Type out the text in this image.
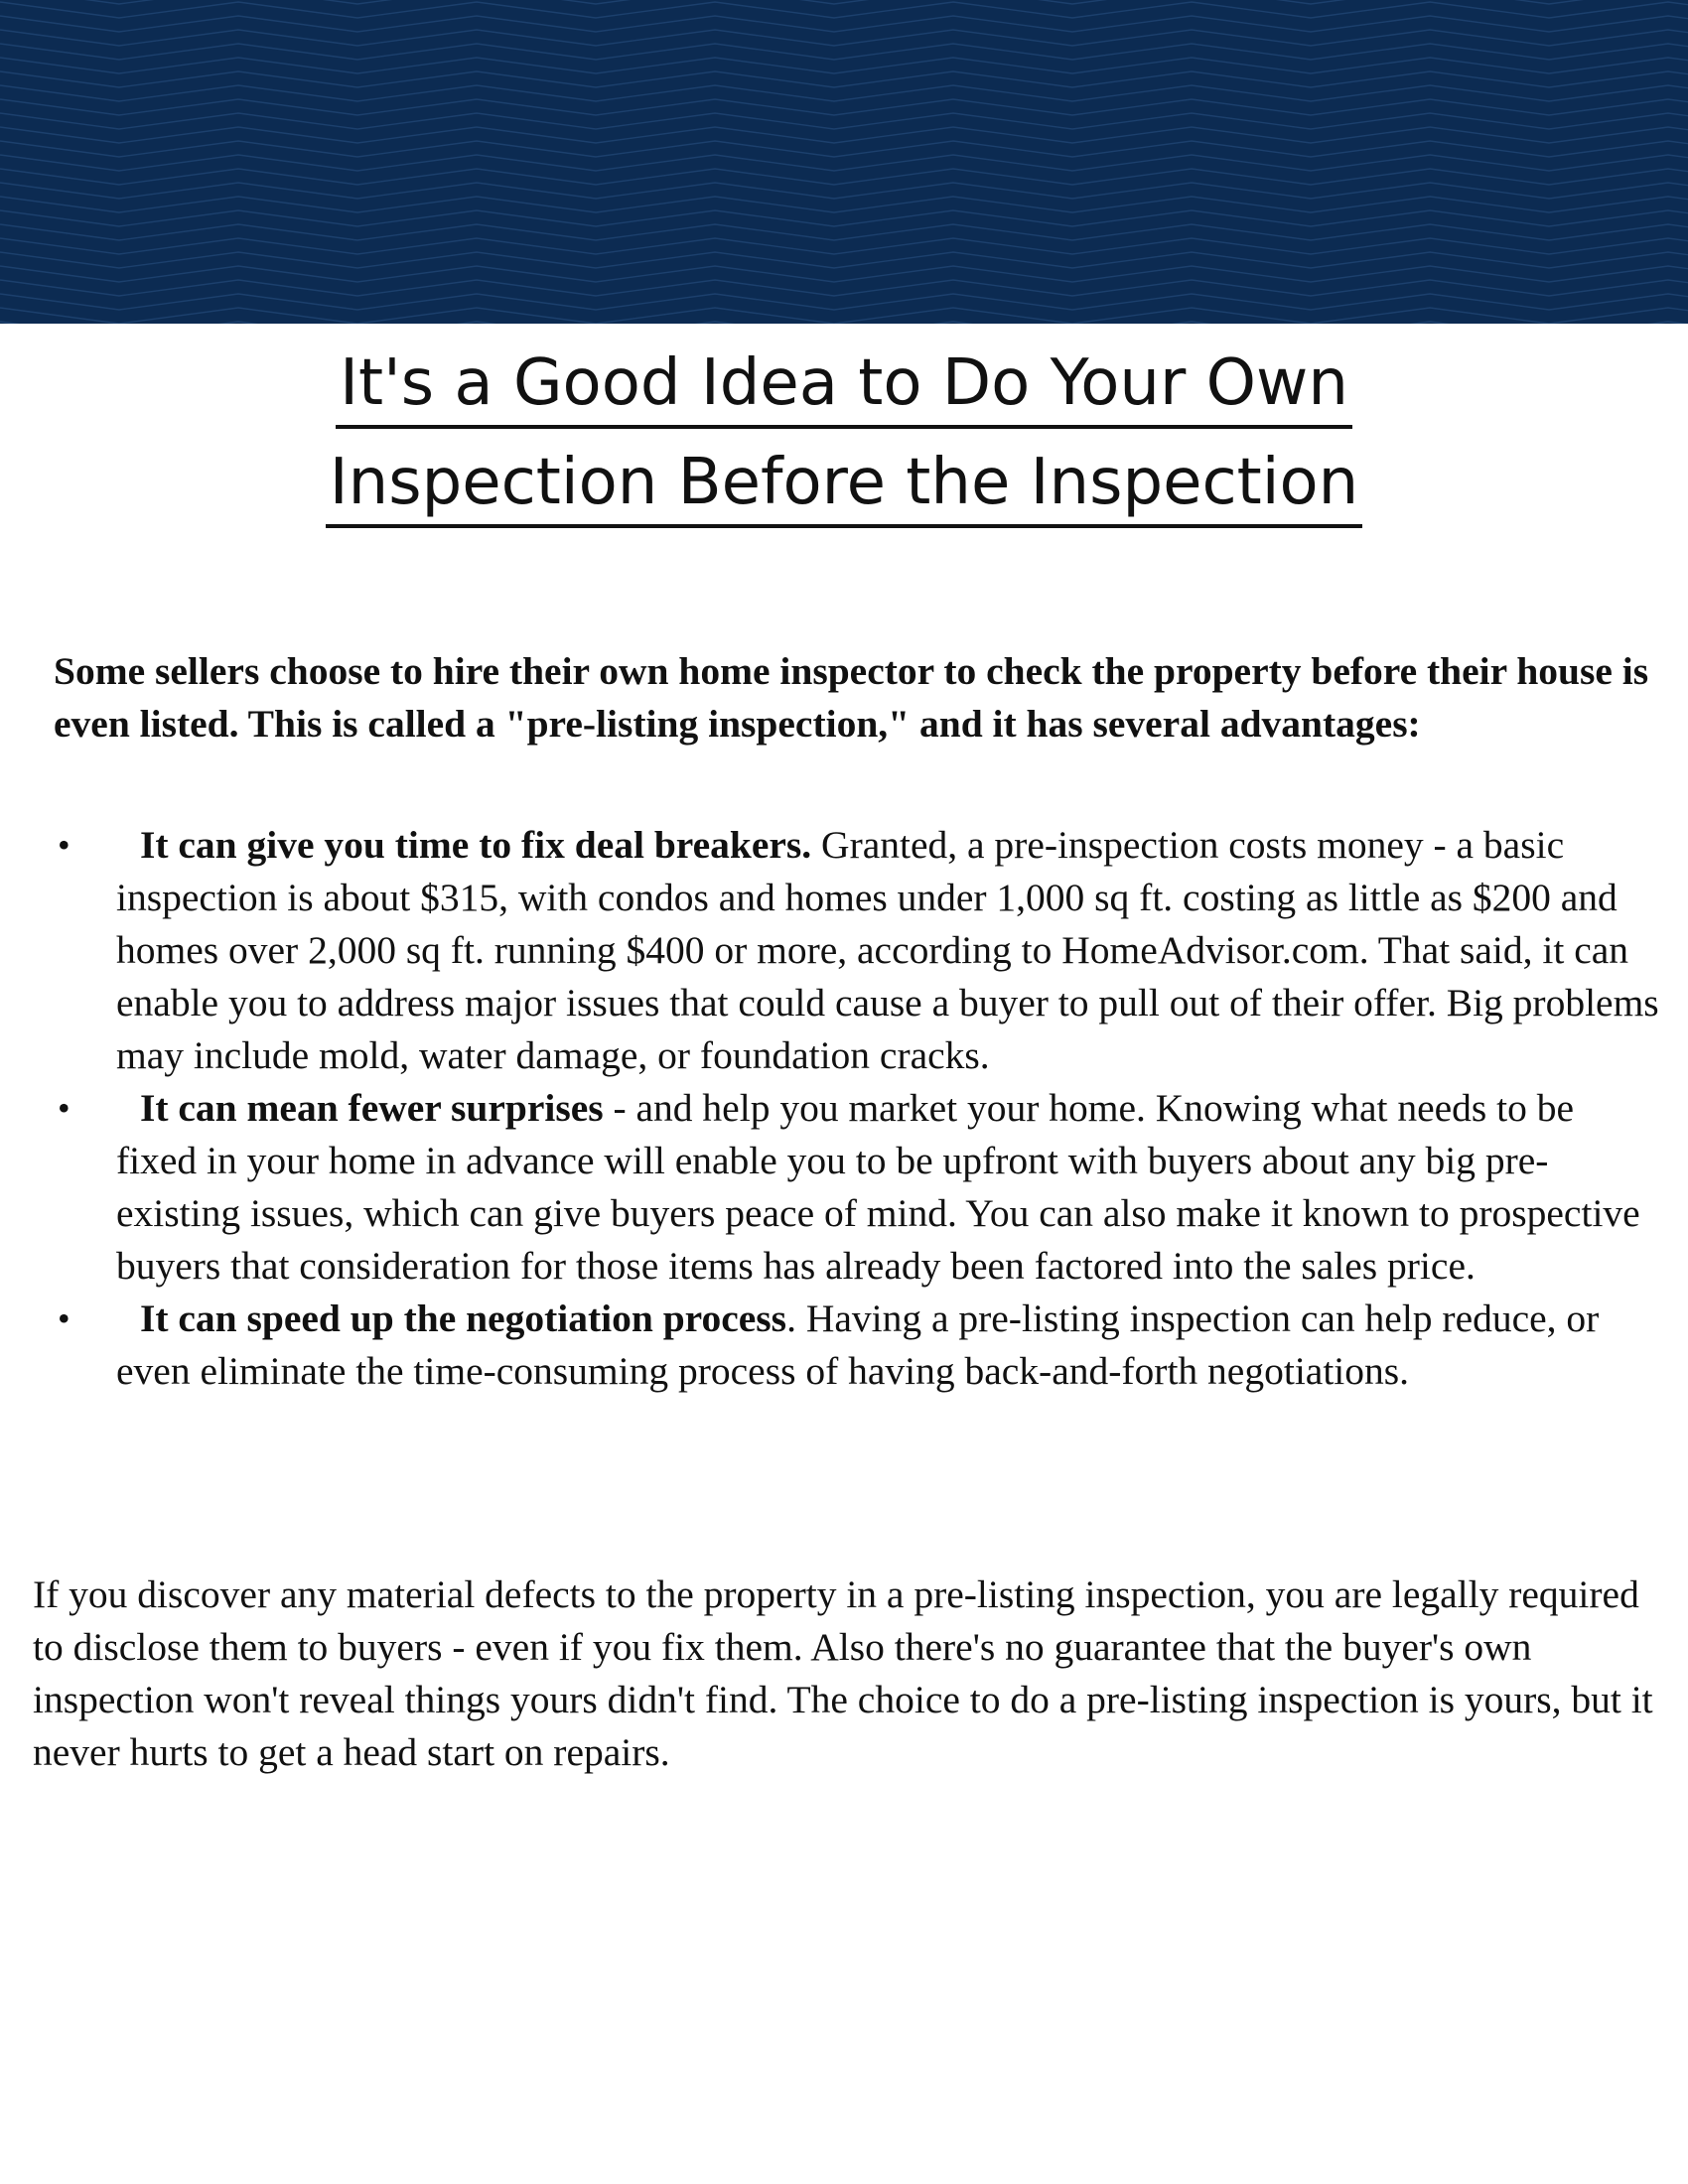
It's a Good Idea to Do Your Own
Inspection Before the Inspection

Some sellers choose to hire their own home inspector to check the property before their house is even listed. This is called a "pre-listing inspection," and it has several advantages:

• It can give you time to fix deal breakers. Granted, a pre-inspection costs money - a basic inspection is about $315, with condos and homes under 1,000 sq ft. costing as little as $200 and homes over 2,000 sq ft. running $400 or more, according to HomeAdvisor.com. That said, it can enable you to address major issues that could cause a buyer to pull out of their offer. Big problems may include mold, water damage, or foundation cracks.
• It can mean fewer surprises - and help you market your home. Knowing what needs to be fixed in your home in advance will enable you to be upfront with buyers about any big pre-existing issues, which can give buyers peace of mind. You can also make it known to prospective buyers that consideration for those items has already been factored into the sales price.
• It can speed up the negotiation process. Having a pre-listing inspection can help reduce, or even eliminate the time-consuming process of having back-and-forth negotiations.

If you discover any material defects to the property in a pre-listing inspection, you are legally required to disclose them to buyers - even if you fix them. Also there's no guarantee that the buyer's own inspection won't reveal things yours didn't find. The choice to do a pre-listing inspection is yours, but it never hurts to get a head start on repairs.
